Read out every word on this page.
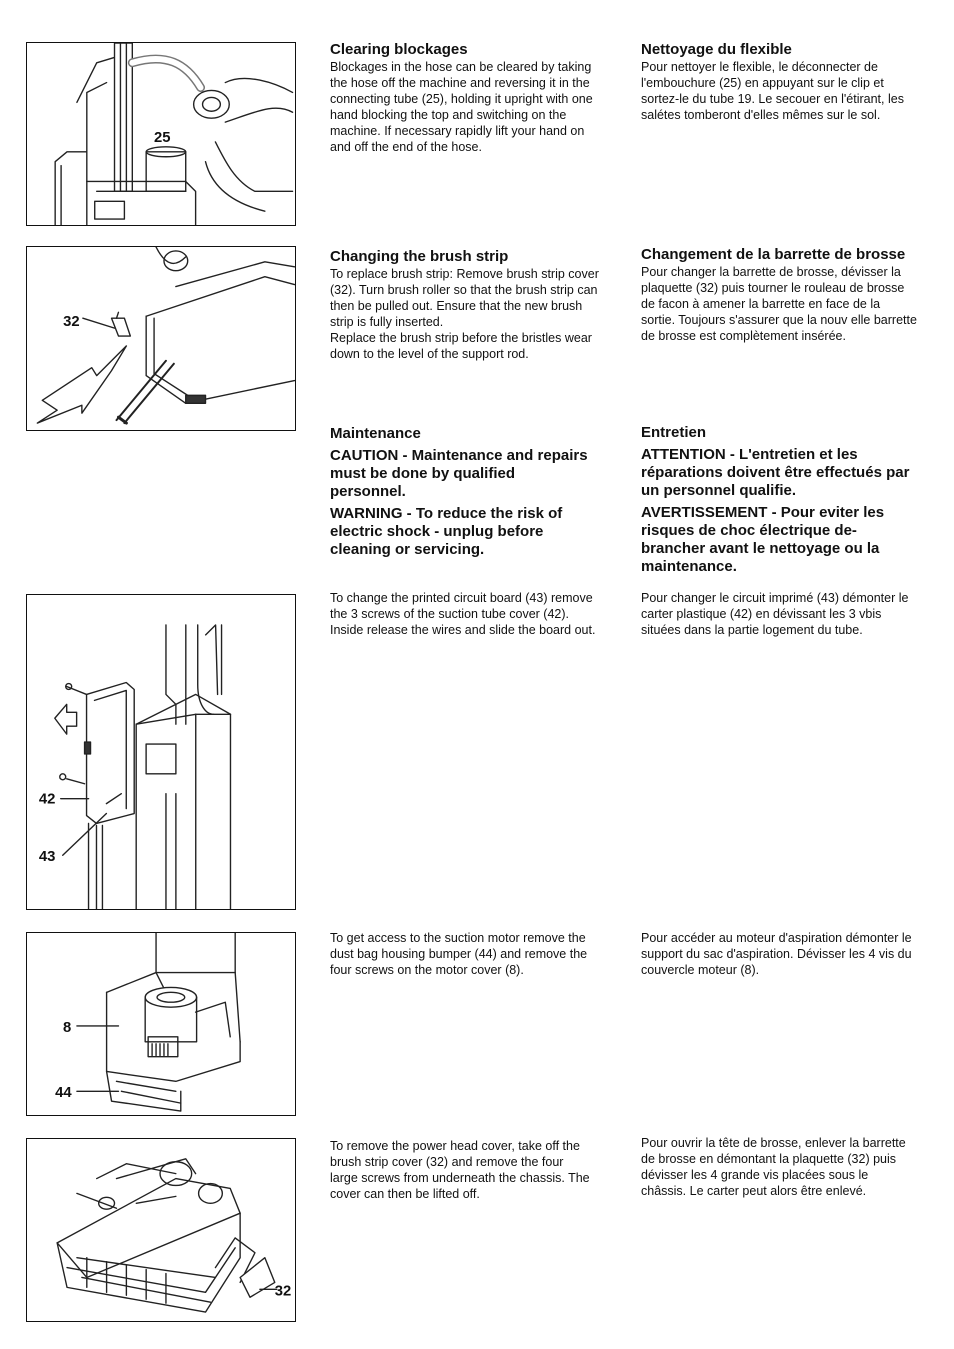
25
32
42
43
8
44
32
Clearing blockages

Blockages in the hose can be cleared by taking the hose off the machine and reversing it in the connecting tube (25), holding it upright with one hand blocking the top and switching on the machine. If necessary rapidly lift your hand on and off the end of the hose.

Nettoyage du flexible

Pour nettoyer le flexible, le déconnecter de l'embouchure (25) en appuyant sur le clip et sortez-le du tube 19. Le secouer en l'étirant, les salétes tomberont d'elles mêmes sur le sol.

Changing the brush strip

To replace brush strip: Remove brush strip cover (32). Turn brush roller so that the brush strip can then be pulled out. Ensure that the new brush strip is fully inserted.

Replace the brush strip before the bristles wear down to the level of the support rod.

Changement de la barrette de brosse

Pour changer la barrette de brosse, dévisser la plaquette (32) puis tourner le rouleau de brosse de facon à amener la barrette en face de la sortie. Toujours s'assurer que la nouv elle barrette de brosse est complètement insérée.

Maintenance

CAUTION - Maintenance and repairs must be done by qualified personnel.

WARNING - To reduce the risk of electric shock - unplug before cleaning or servicing.

Entretien

ATTENTION - L'entretien et les réparations doivent être effectués par un personnel qualifie.

AVERTISSEMENT - Pour eviter les risques de choc électrique de-brancher avant le nettoyage ou la maintenance.

To change the printed circuit board (43) remove the 3 screws of the suction tube cover (42). Inside release the wires and slide the board out.

Pour changer le circuit imprimé (43) démonter le carter plastique (42) en dévissant les 3 vbis situées dans la partie logement du tube.

To get access to the suction motor remove the dust bag housing bumper (44) and remove the four screws on the motor cover (8).

Pour accéder au moteur d'aspiration démonter le support du sac d'aspiration. Dévisser les 4 vis du couvercle moteur (8).

To remove the power head cover, take off the brush strip cover (32) and remove the four large screws from underneath the chassis. The cover can then be lifted off.

Pour ouvrir la tête de brosse, enlever la barrette de brosse en démontant la plaquette (32) puis dévisser les 4 grande vis placées sous le châssis. Le carter peut alors être enlevé.
